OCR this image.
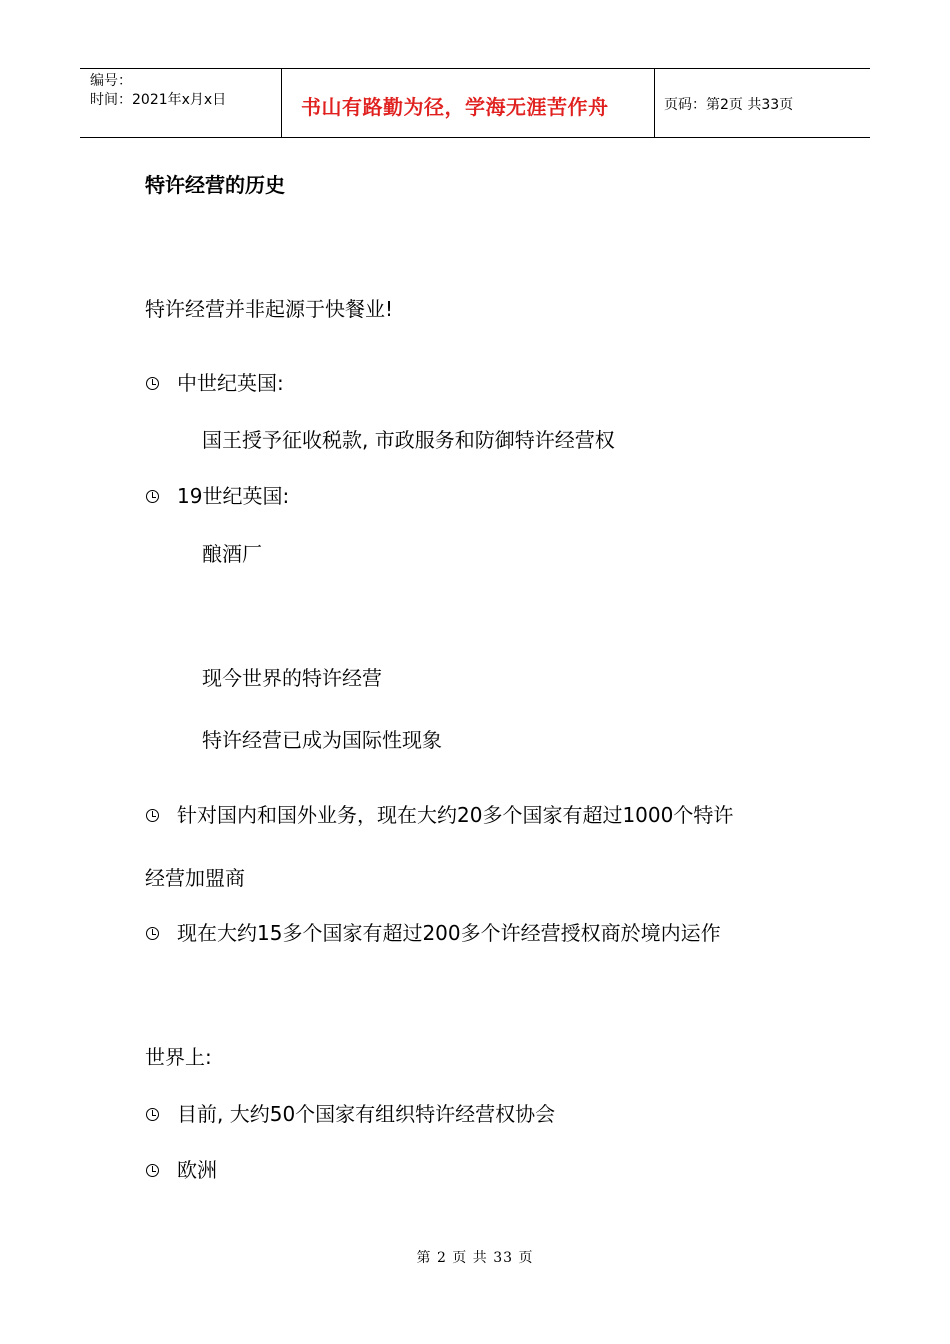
编号：
时间：2021年x月x日	书山有路勤为径，学海无涯苦作舟	页码：第2页 共33页
特许经营的历史
特许经营并非起源于快餐业!
中世纪英国:
国王授予征收税款, 市政服务和防御特许经营权
19世纪英国:
酿酒厂
现今世界的特许经营
特许经营已成为国际性现象
针对国内和国外业务，现在大约20多个国家有超过1000个特许
经营加盟商
现在大约15多个国家有超过200多个许经营授权商於境内运作
世界上:
目前, 大约50个国家有组织特许经营权协会
欧洲
第 2 页 共 33 页
